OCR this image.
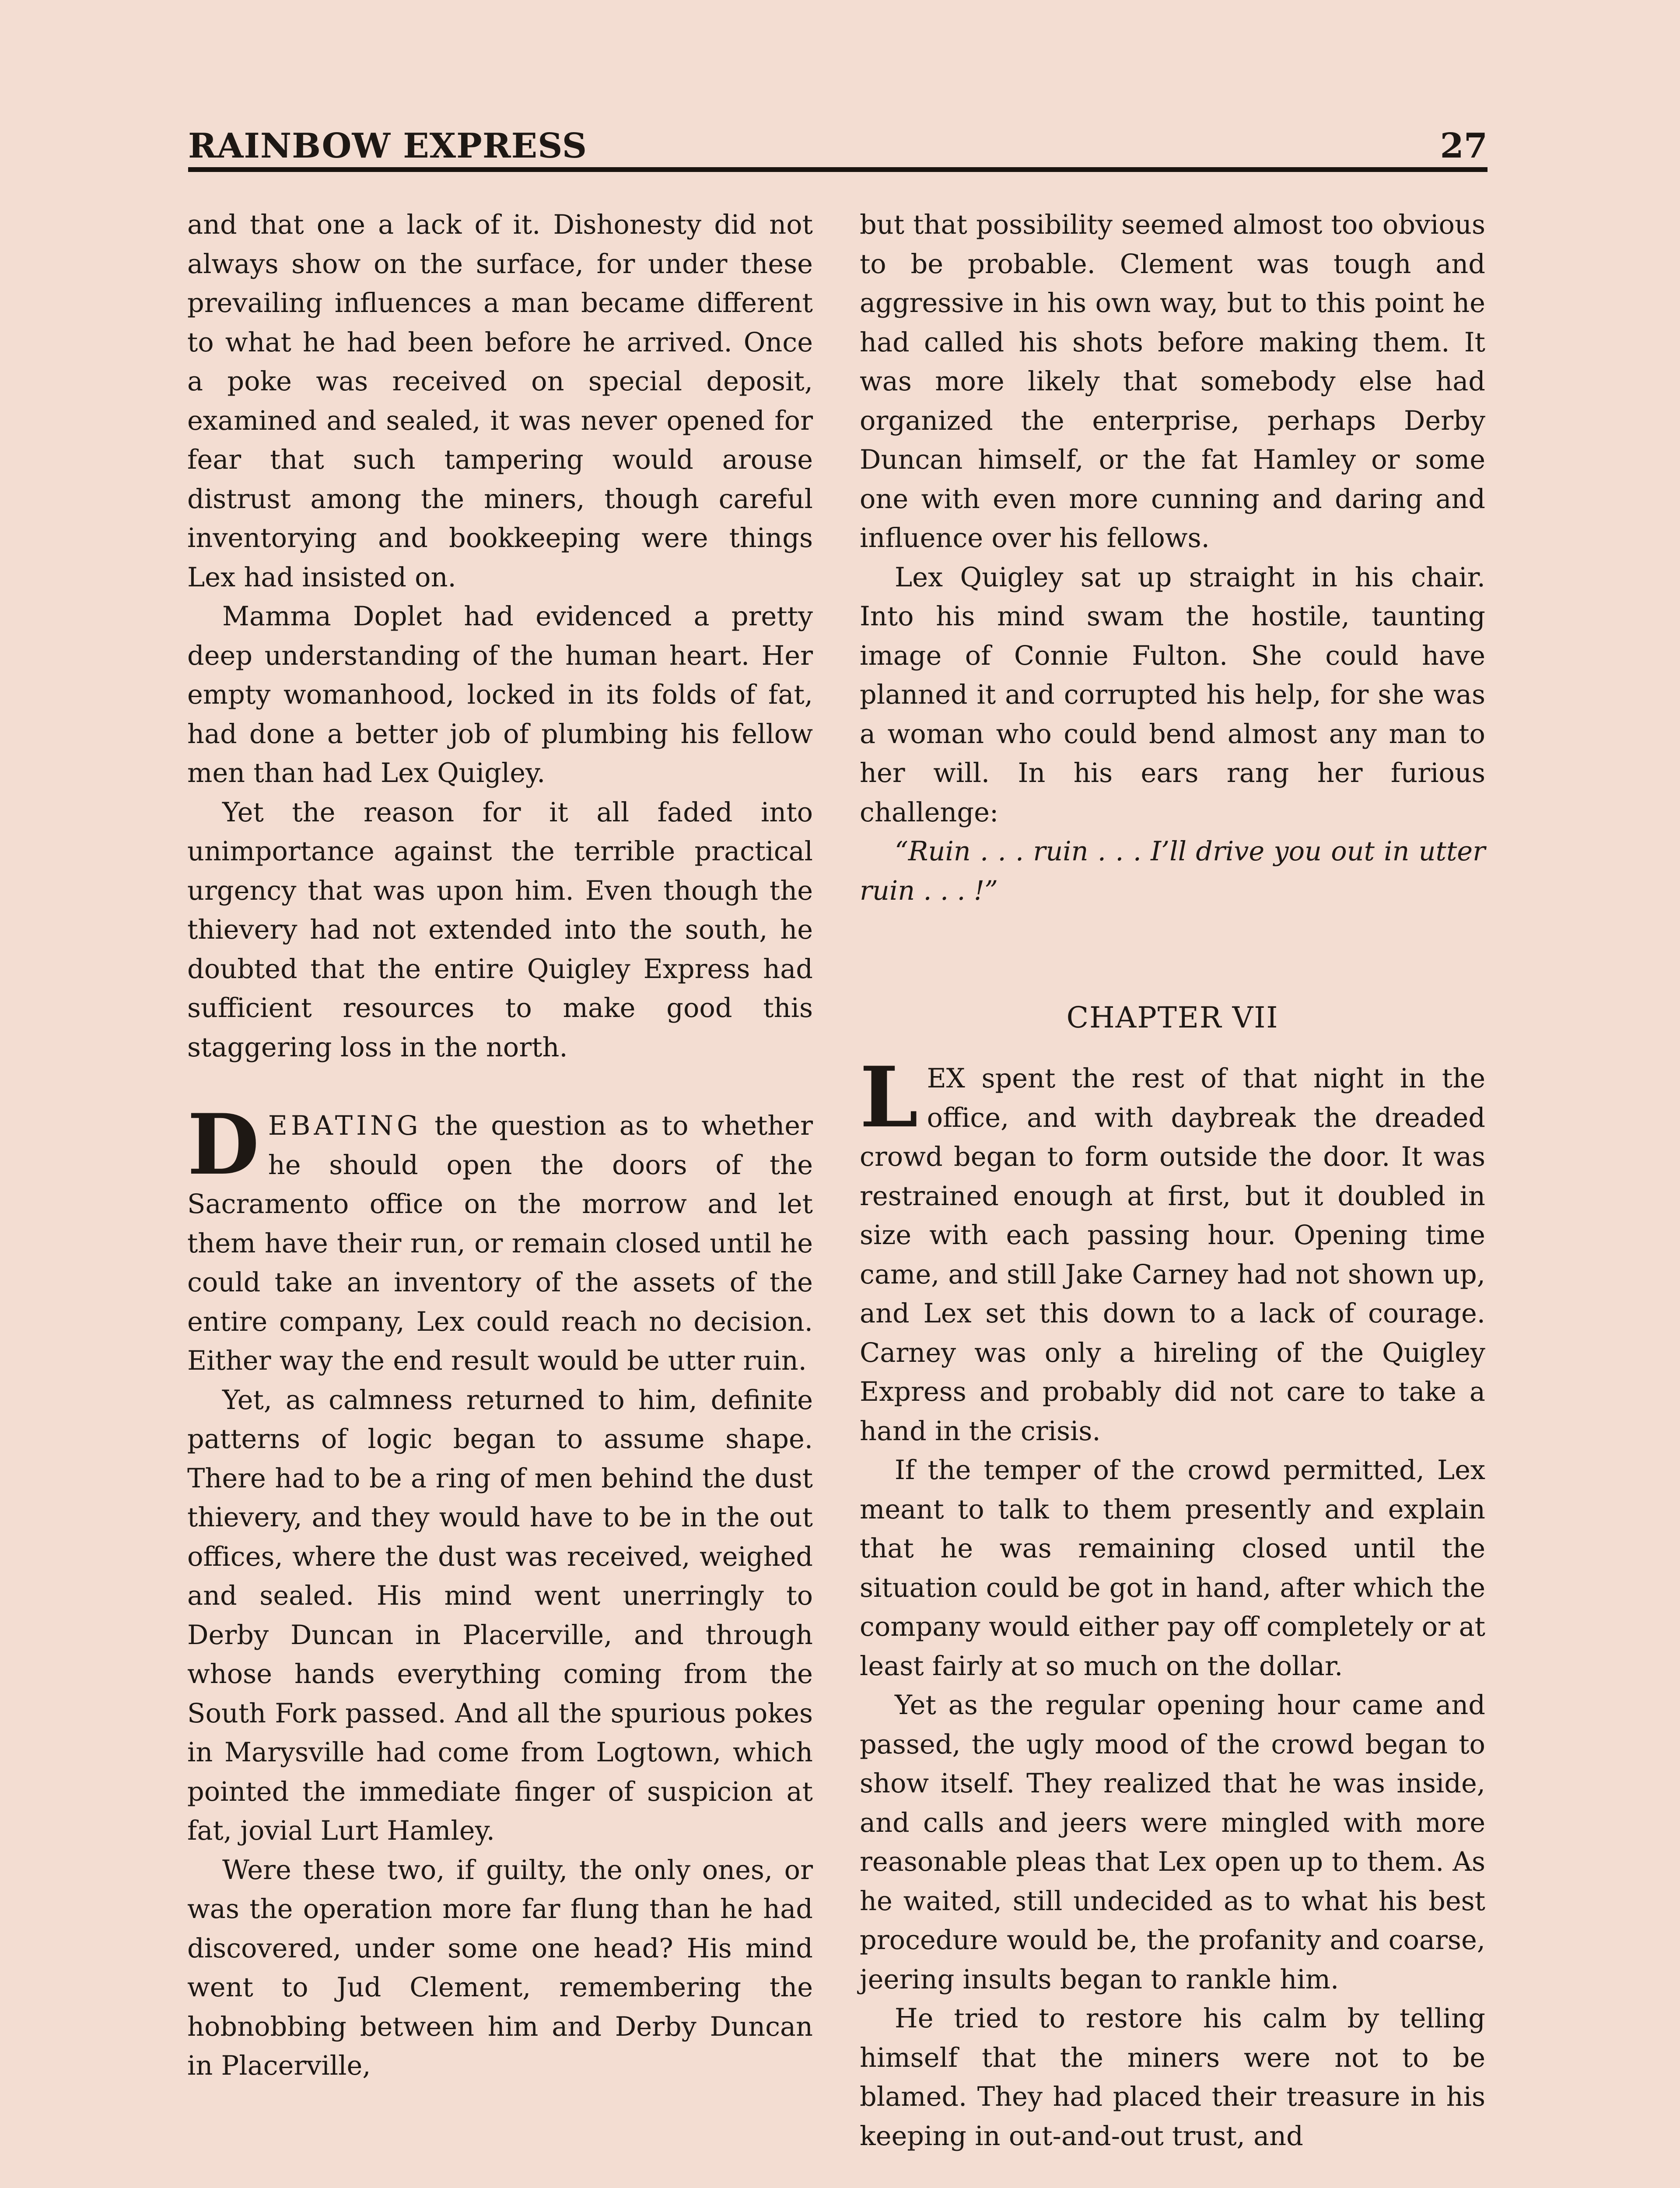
RAINBOW EXPRESS	27

and that one a lack of it. Dishonesty did not always show on the surface, for under these prevailing influences a man became different to what he had been before he arrived. Once a poke was received on special deposit, examined and sealed, it was never opened for fear that such tampering would arouse distrust among the miners, though careful inventorying and bookkeeping were things Lex had insisted on.

Mamma Doplet had evidenced a pretty deep understanding of the human heart. Her empty womanhood, locked in its folds of fat, had done a better job of plumbing his fellow men than had Lex Quigley.

Yet the reason for it all faded into unimportance against the terrible practical urgency that was upon him. Even though the thievery had not extended into the south, he doubted that the entire Quigley Express had sufficient resources to make good this staggering loss in the north.

DEBATING the question as to whether he should open the doors of the Sacramento office on the morrow and let them have their run, or remain closed until he could take an inventory of the assets of the entire company, Lex could reach no decision. Either way the end result would be utter ruin.

Yet, as calmness returned to him, definite patterns of logic began to assume shape. There had to be a ring of men behind the dust thievery, and they would have to be in the out offices, where the dust was received, weighed and sealed. His mind went unerringly to Derby Duncan in Placerville, and through whose hands everything coming from the South Fork passed. And all the spurious pokes in Marysville had come from Logtown, which pointed the immediate finger of suspicion at fat, jovial Lurt Hamley.

Were these two, if guilty, the only ones, or was the operation more far flung than he had discovered, under some one head? His mind went to Jud Clement, remembering the hobnobbing between him and Derby Duncan in Placerville,

but that possibility seemed almost too obvious to be probable. Clement was tough and aggressive in his own way, but to this point he had called his shots before making them. It was more likely that somebody else had organized the enterprise, perhaps Derby Duncan himself, or the fat Hamley or some one with even more cunning and daring and influence over his fellows.

Lex Quigley sat up straight in his chair. Into his mind swam the hostile, taunting image of Connie Fulton. She could have planned it and corrupted his help, for she was a woman who could bend almost any man to her will. In his ears rang her furious challenge:

“Ruin . . . ruin . . . I’ll drive you out in utter ruin . . . !”

CHAPTER VII

LEX spent the rest of that night in the office, and with daybreak the dreaded crowd began to form outside the door. It was restrained enough at first, but it doubled in size with each passing hour. Opening time came, and still Jake Carney had not shown up, and Lex set this down to a lack of courage. Carney was only a hireling of the Quigley Express and probably did not care to take a hand in the crisis.

If the temper of the crowd permitted, Lex meant to talk to them presently and explain that he was remaining closed until the situation could be got in hand, after which the company would either pay off completely or at least fairly at so much on the dollar.

Yet as the regular opening hour came and passed, the ugly mood of the crowd began to show itself. They realized that he was inside, and calls and jeers were mingled with more reasonable pleas that Lex open up to them. As he waited, still undecided as to what his best procedure would be, the profanity and coarse, jeering insults began to rankle him.

He tried to restore his calm by telling himself that the miners were not to be blamed. They had placed their treasure in his keeping in out-and-out trust, and
